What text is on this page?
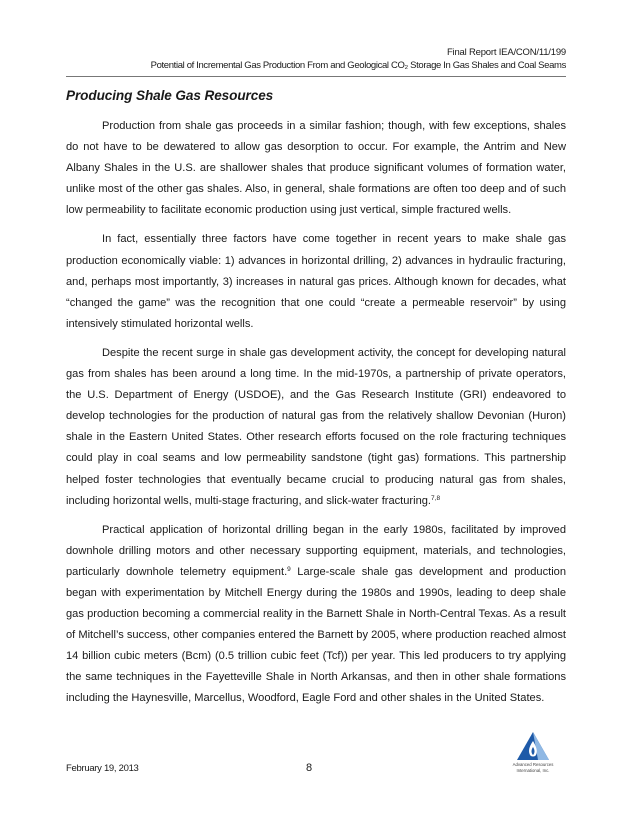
Final Report IEA/CON/11/199
Potential of Incremental Gas Production From and Geological CO₂ Storage In Gas Shales and Coal Seams
Producing Shale Gas Resources

Production from shale gas proceeds in a similar fashion; though, with few exceptions, shales do not have to be dewatered to allow gas desorption to occur. For example, the Antrim and New Albany Shales in the U.S. are shallower shales that produce significant volumes of formation water, unlike most of the other gas shales. Also, in general, shale formations are often too deep and of such low permeability to facilitate economic production using just vertical, simple fractured wells.

In fact, essentially three factors have come together in recent years to make shale gas production economically viable: 1) advances in horizontal drilling, 2) advances in hydraulic fracturing, and, perhaps most importantly, 3) increases in natural gas prices. Although known for decades, what “changed the game” was the recognition that one could “create a permeable reservoir” by using intensively stimulated horizontal wells.

Despite the recent surge in shale gas development activity, the concept for developing natural gas from shales has been around a long time. In the mid-1970s, a partnership of private operators, the U.S. Department of Energy (USDOE), and the Gas Research Institute (GRI) endeavored to develop technologies for the production of natural gas from the relatively shallow Devonian (Huron) shale in the Eastern United States. Other research efforts focused on the role fracturing techniques could play in coal seams and low permeability sandstone (tight gas) formations. This partnership helped foster technologies that eventually became crucial to producing natural gas from shales, including horizontal wells, multi-stage fracturing, and slick-water fracturing.$^{7,8}$

Practical application of horizontal drilling began in the early 1980s, facilitated by improved downhole drilling motors and other necessary supporting equipment, materials, and technologies, particularly downhole telemetry equipment.$^9$ Large-scale shale gas development and production began with experimentation by Mitchell Energy during the 1980s and 1990s, leading to deep shale gas production becoming a commercial reality in the Barnett Shale in North-Central Texas. As a result of Mitchell’s success, other companies entered the Barnett by 2005, where production reached almost 14 billion cubic meters (Bcm) (0.5 trillion cubic feet (Tcf)) per year. This led producers to try applying the same techniques in the Fayetteville Shale in North Arkansas, and then in other shale formations including the Haynesville, Marcellus, Woodford, Eagle Ford and other shales in the United States.

February 19, 2013	8	Advanced Resources
International, Inc.
